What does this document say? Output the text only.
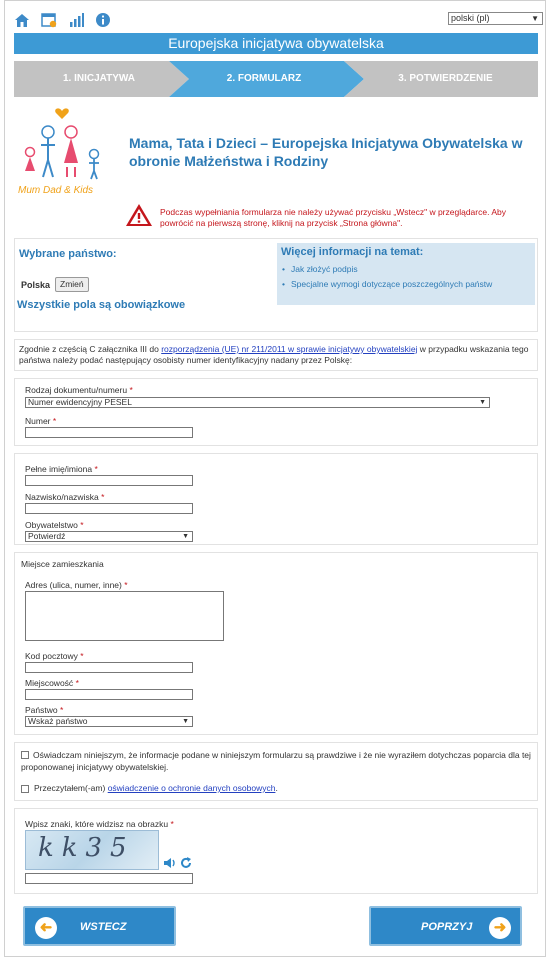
polski (pl)	▼
Europejska inicjatywa obywatelska
1. INICJATYWA	2. FORMULARZ	3. POTWIERDZENIE
Mum Dad & Kids
Mama, Tata i Dzieci – Europejska Inicjatywa Obywatelska w obronie Małżeństwa i Rodziny
Podczas wypełniania formularza nie należy używać przycisku „Wstecz" w przeglądarce. Aby powrócić na pierwszą stronę, kliknij na przycisk „Strona główna".
Wybrane państwo:
Polska	Zmień
Wszystkie pola są obowiązkowe
Więcej informacji na temat:
• Jak złożyć podpis
• Specjalne wymogi dotyczące poszczególnych państw
Zgodnie z częścią C załącznika III do rozporządzenia (UE) nr 211/2011 w sprawie inicjatywy obywatelskiej w przypadku wskazania tego państwa należy podać następujący osobisty numer identyfikacyjny nadany przez Polskę:
Rodzaj dokumentu/numeru *
Numer ewidencyjny PESEL	▼
Numer *
Pełne imię/imiona *
Nazwisko/nazwiska *
Obywatelstwo *
Potwierdź	▼
Miejsce zamieszkania
Adres (ulica, numer, inne) *
Kod pocztowy *
Miejscowość *
Państwo *
Wskaż państwo	▼
Oświadczam niniejszym, że informacje podane w niniejszym formularzu są prawdziwe i że nie wyraziłem dotychczas poparcia dla tej proponowanej inicjatywy obywatelskiej.
Przeczytałem(-am) oświadczenie o ochronie danych osobowych.
Wpisz znaki, które widzisz na obrazku *
kk35
➜	WSTECZ	POPRZYJ	➜
